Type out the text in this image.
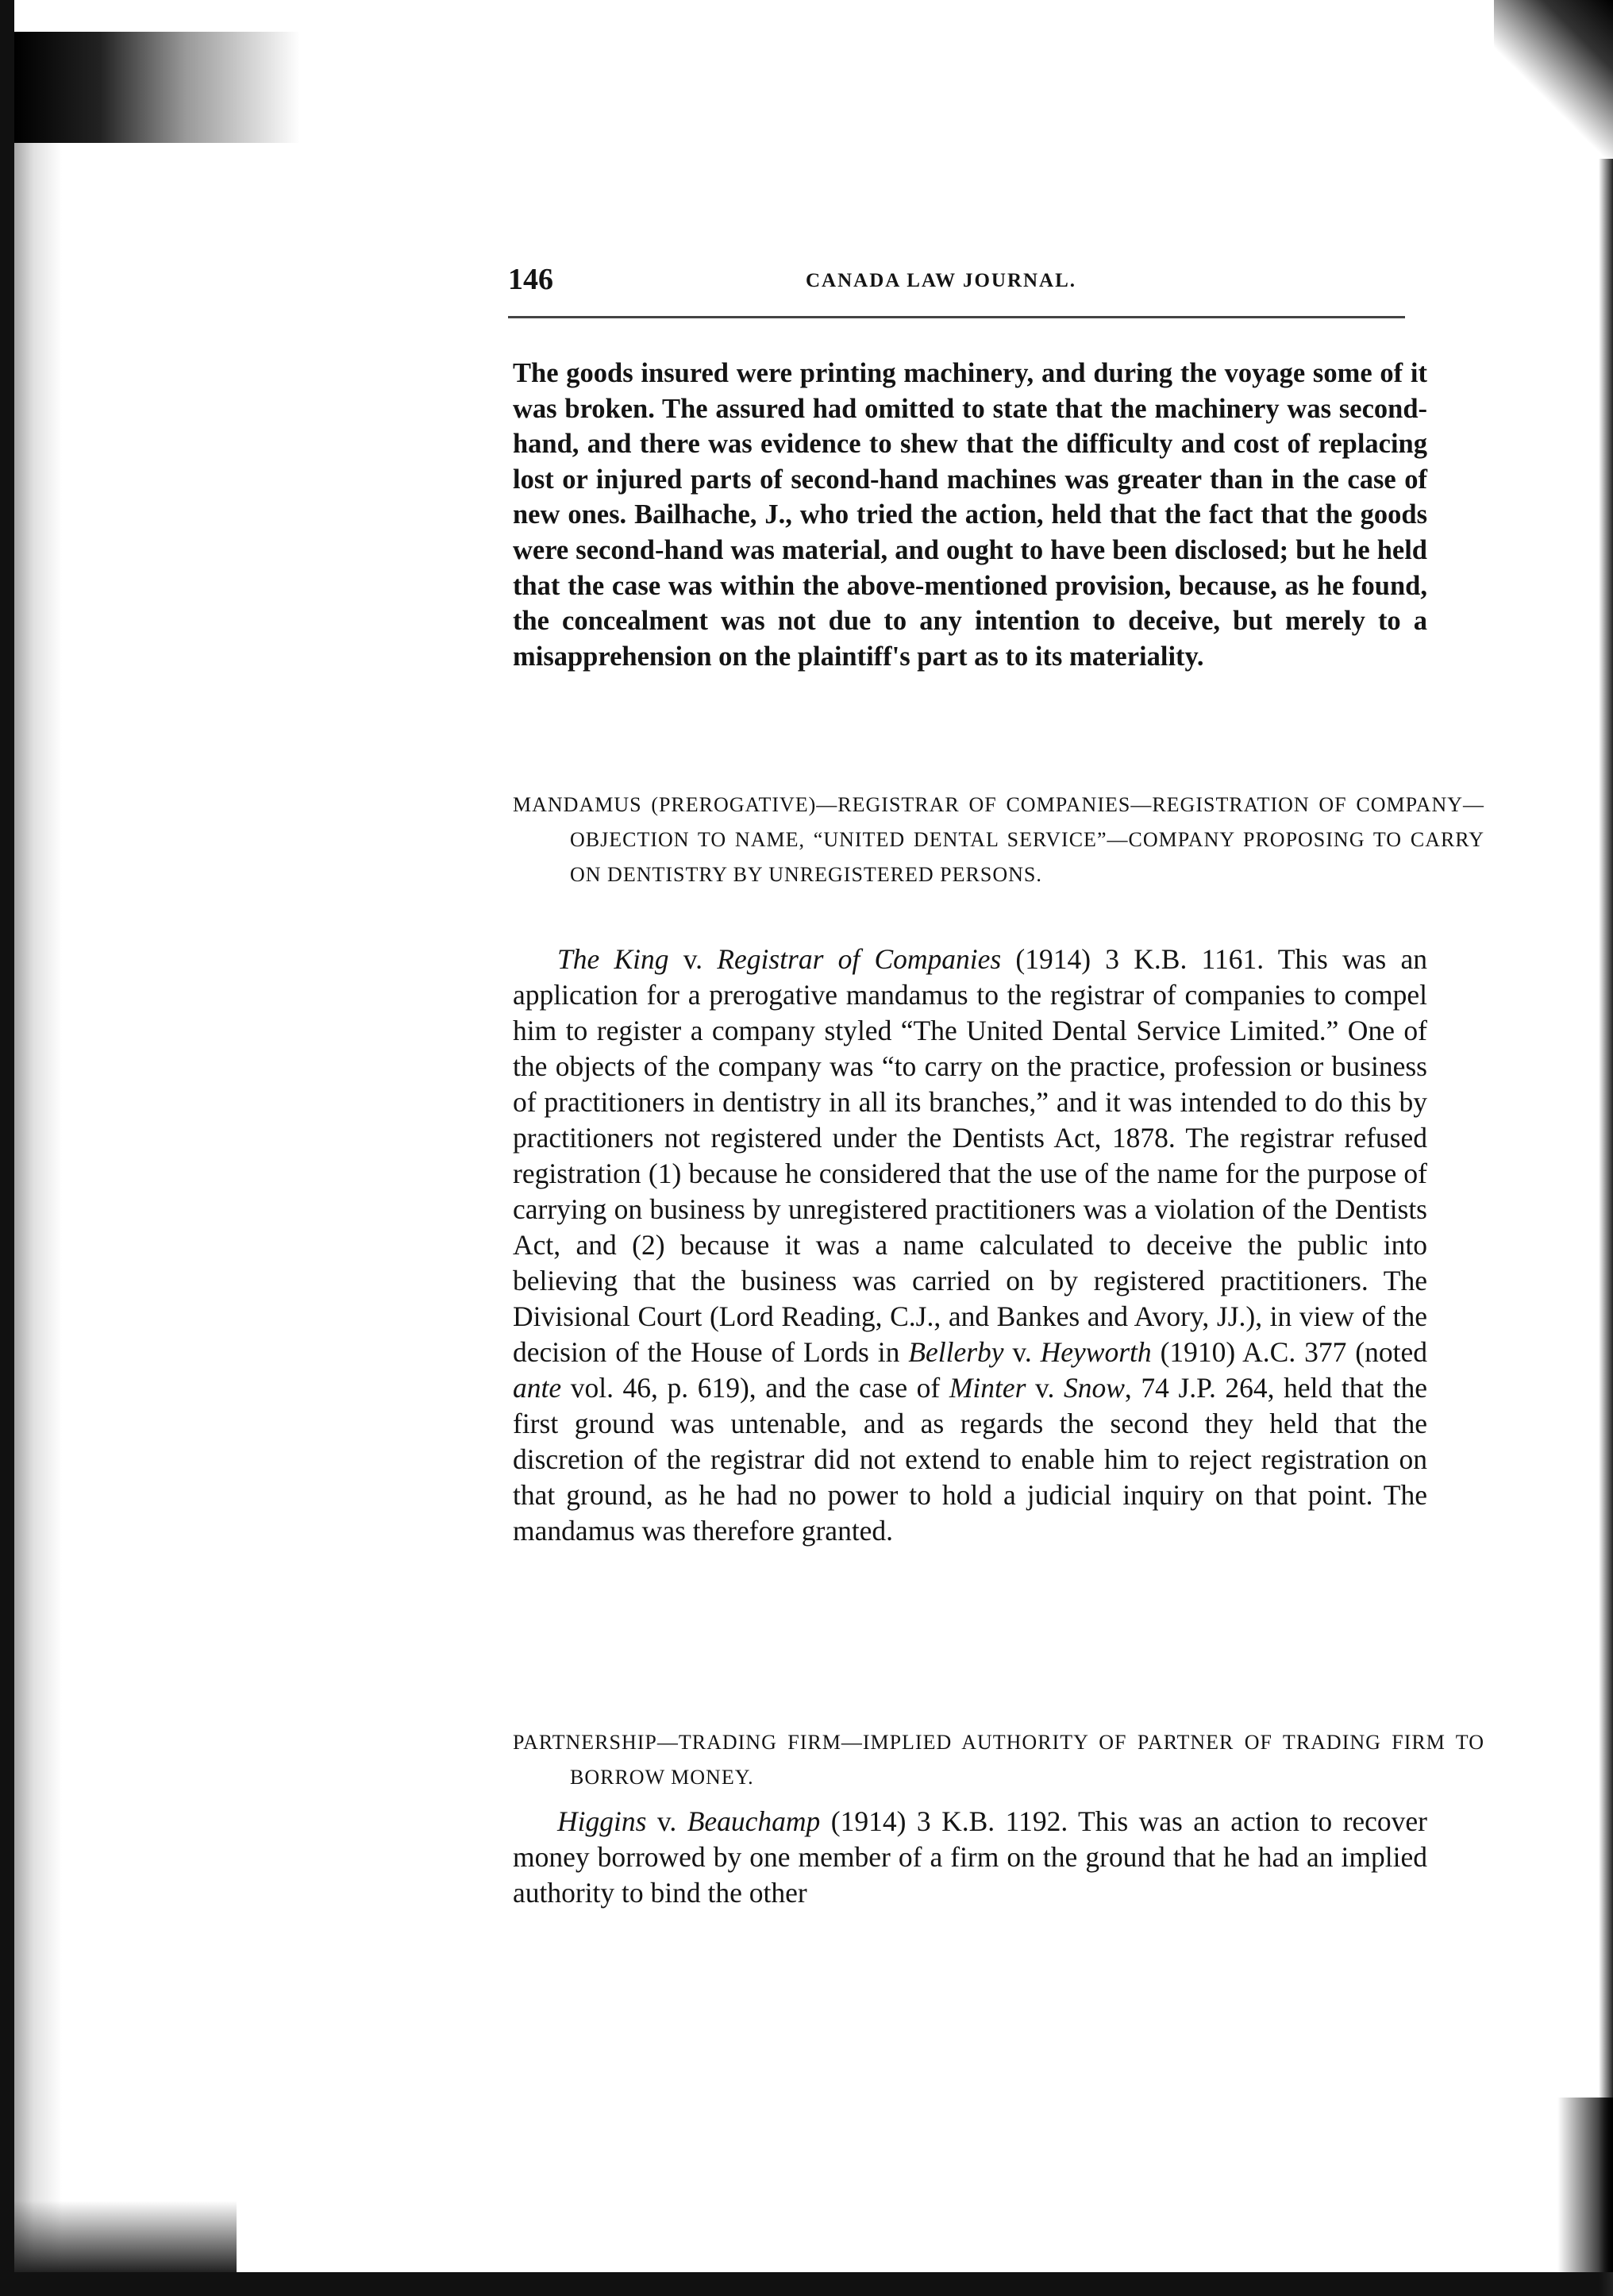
146	CANADA LAW JOURNAL.

The goods insured were printing machinery, and during the voyage some of it was broken. The assured had omitted to state that the machinery was second-hand, and there was evidence to shew that the difficulty and cost of replacing lost or injured parts of second-hand machines was greater than in the case of new ones. Bailhache, J., who tried the action, held that the fact that the goods were second-hand was material, and ought to have been disclosed; but he held that the case was within the above-mentioned provision, because, as he found, the concealment was not due to any intention to deceive, but merely to a misapprehension on the plaintiff's part as to its materiality.

MANDAMUS (PREROGATIVE)—REGISTRAR OF COMPANIES—REGISTRATION OF COMPANY—OBJECTION TO NAME, “UNITED DENTAL SERVICE”—COMPANY PROPOSING TO CARRY ON DENTISTRY BY UNREGISTERED PERSONS.

The King v. Registrar of Companies (1914) 3 K.B. 1161. This was an application for a prerogative mandamus to the registrar of companies to compel him to register a company styled “The United Dental Service Limited.” One of the objects of the company was “to carry on the practice, profession or business of practitioners in dentistry in all its branches,” and it was intended to do this by practitioners not registered under the Dentists Act, 1878. The registrar refused registration (1) because he considered that the use of the name for the purpose of carrying on business by unregistered practitioners was a violation of the Dentists Act, and (2) because it was a name calculated to deceive the public into believing that the business was carried on by registered practitioners. The Divisional Court (Lord Reading, C.J., and Bankes and Avory, JJ.), in view of the decision of the House of Lords in Bellerby v. Heyworth (1910) A.C. 377 (noted ante vol. 46, p. 619), and the case of Minter v. Snow, 74 J.P. 264, held that the first ground was untenable, and as regards the second they held that the discretion of the registrar did not extend to enable him to reject registration on that ground, as he had no power to hold a judicial inquiry on that point. The mandamus was therefore granted.

PARTNERSHIP—TRADING FIRM—IMPLIED AUTHORITY OF PARTNER OF TRADING FIRM TO BORROW MONEY.

Higgins v. Beauchamp (1914) 3 K.B. 1192. This was an action to recover money borrowed by one member of a firm on the ground that he had an implied authority to bind the other
